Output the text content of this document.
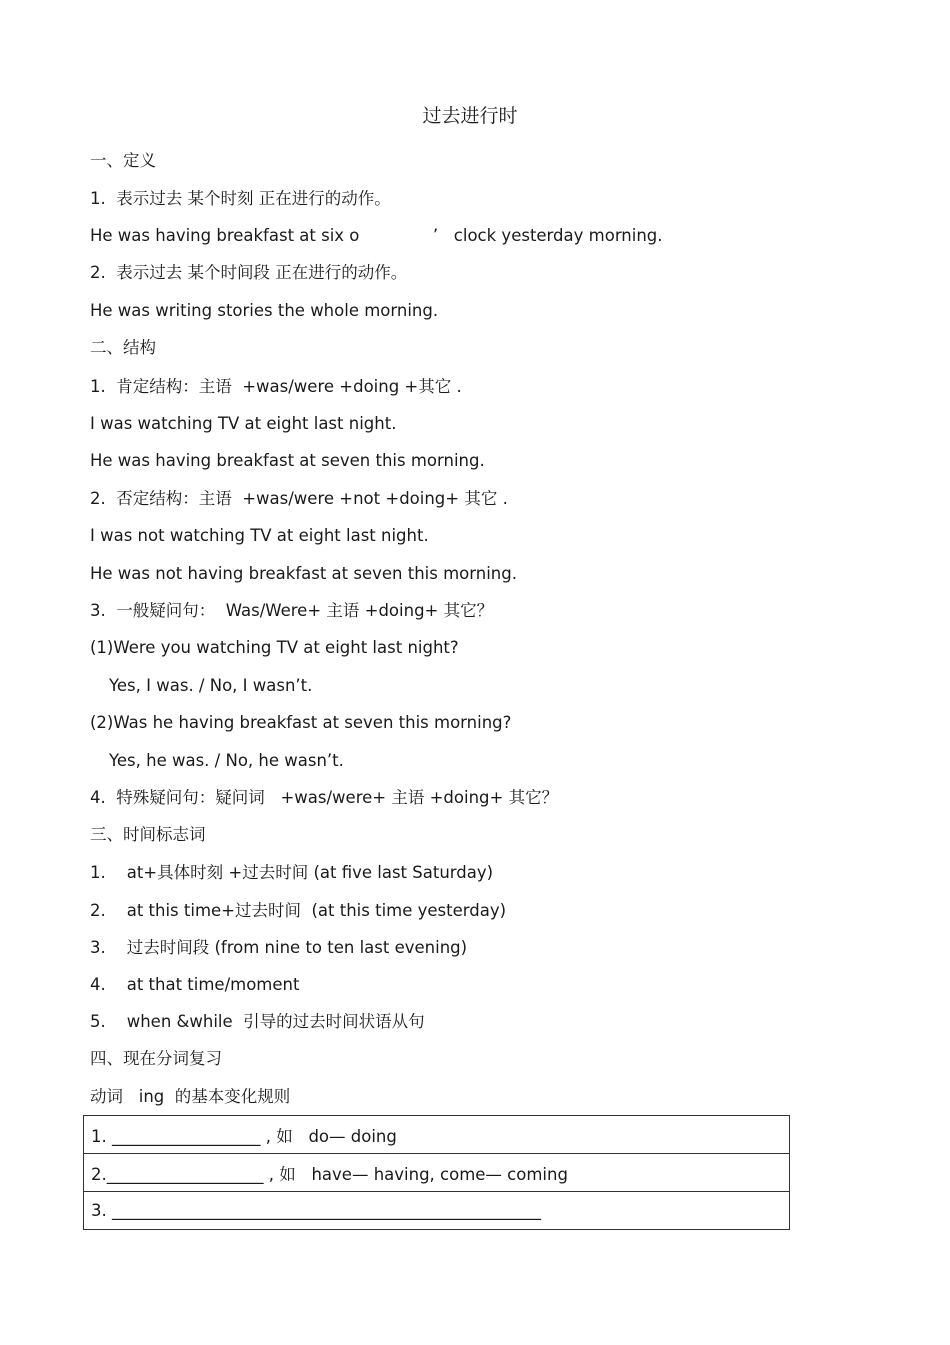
过去进行时
一、定义
1.  表示过去 某个时刻 正在进行的动作。
He was having breakfast at six o              ’   clock yesterday morning.
2.  表示过去 某个时间段 正在进行的动作。
He was writing stories the whole morning.
二、结构
1.  肯定结构：主语  +was/were +doing +其它 .
I was watching TV at eight last night.
He was having breakfast at seven this morning.
2.  否定结构：主语  +was/were +not +doing+ 其它 .
I was not watching TV at eight last night.
He was not having breakfast at seven this morning.
3.  一般疑问句：  Was/Were+ 主语 +doing+ 其它？
(1)Were you watching TV at eight last night?
Yes, I was. / No, I wasn’t.
(2)Was he having breakfast at seven this morning?
Yes, he was. / No, he wasn’t.
4.  特殊疑问句：疑问词   +was/were+ 主语 +doing+ 其它？
三、时间标志词
1.    at+具体时刻 +过去时间 (at five last Saturday)
2.    at this time+过去时间  (at this time yesterday)
3.    过去时间段 (from nine to ten last evening)
4.    at that time/moment
5.    when &while  引导的过去时间状语从句
四、现在分词复习
动词   ing  的基本变化规则
1. __________________ , 如   do— doing
2.___________________ , 如   have— having, come— coming
3. ____________________________________________________
